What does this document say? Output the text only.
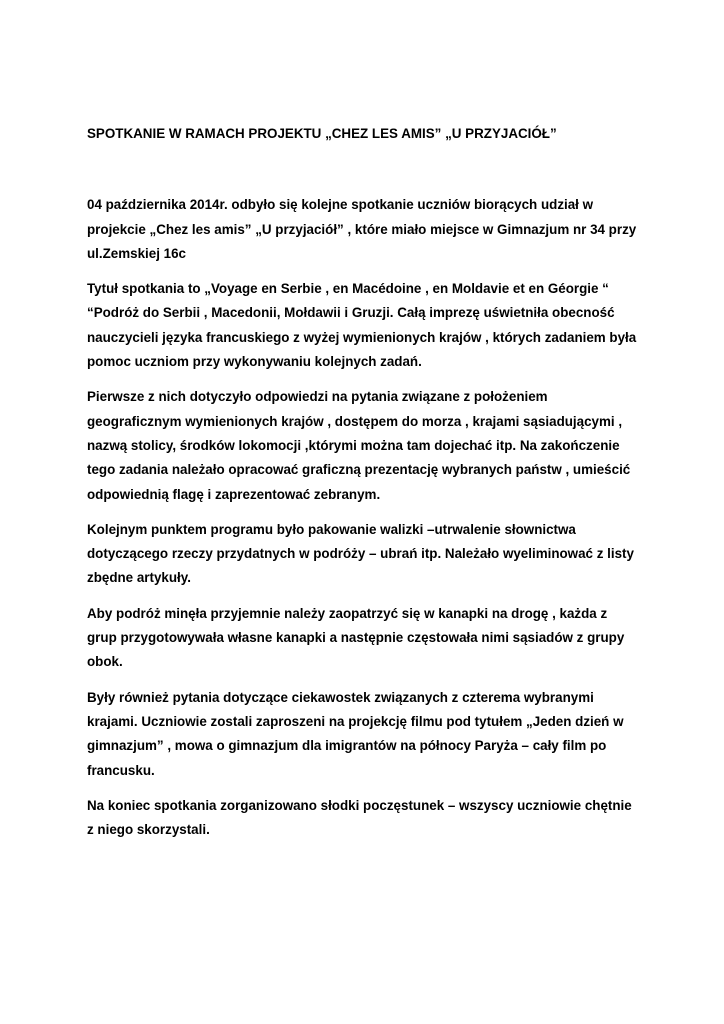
SPOTKANIE W RAMACH PROJEKTU „CHEZ LES AMIS” „U PRZYJACIÓŁ”

04 października 2014r. odbyło się kolejne spotkanie uczniów biorących udział w projekcie „Chez les amis” „U przyjaciół” , które miało miejsce w Gimnazjum nr 34 przy ul.Zemskiej 16c

Tytuł spotkania to „Voyage en Serbie , en Macédoine , en Moldavie et en Géorgie “ “Podróż do Serbii , Macedonii, Mołdawii i Gruzji. Całą imprezę uświetniła obecność nauczycieli języka francuskiego z wyżej wymienionych krajów , których zadaniem była pomoc uczniom przy wykonywaniu kolejnych zadań.

Pierwsze z nich dotyczyło odpowiedzi na pytania związane z położeniem geograficznym wymienionych krajów , dostępem do morza , krajami sąsiadującymi , nazwą stolicy, środków lokomocji ,którymi można tam dojechać itp. Na zakończenie tego zadania należało opracować graficzną prezentację wybranych państw , umieścić odpowiednią flagę i zaprezentować zebranym.

Kolejnym punktem programu było pakowanie walizki –utrwalenie słownictwa dotyczącego rzeczy przydatnych w podróży – ubrań itp. Należało wyeliminować z listy zbędne artykuły.

Aby podróż minęła przyjemnie należy zaopatrzyć się w kanapki na drogę , każda z grup przygotowywała własne kanapki a następnie częstowała nimi sąsiadów z grupy obok.

Były również pytania dotyczące ciekawostek związanych z czterema wybranymi krajami. Uczniowie zostali zaproszeni na projekcję filmu pod tytułem „Jeden dzień w gimnazjum” , mowa o gimnazjum dla imigrantów na północy Paryża – cały film po francusku.

Na koniec spotkania zorganizowano słodki poczęstunek – wszyscy uczniowie chętnie z niego skorzystali.
